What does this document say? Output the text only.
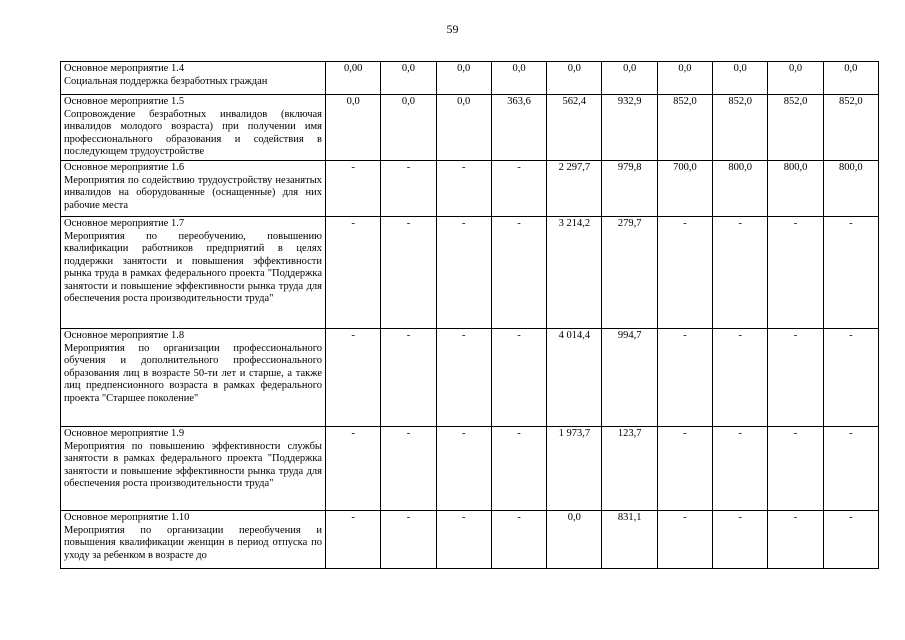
59
Основное мероприятие 1.4
Социальная поддержка безработных граждан	0,00	0,0	0,0	0,0	0,0	0,0	0,0	0,0	0,0	0,0

Основное мероприятие 1.5
Сопровождение безработных инвалидов (включая инвалидов молодого возраста) при получении имя профессионального образования и содействия в последующем трудоустройстве	0,0	0,0	0,0	363,6	562,4	932,9	852,0	852,0	852,0	852,0

Основное мероприятие 1.6
Мероприятия по содействию трудоустройству незанятых инвалидов на оборудованные (оснащенные) для них рабочие места	-	-	-	-	2 297,7	979,8	700,0	800,0	800,0	800,0

Основное мероприятие 1.7
Мероприятия по переобучению, повышению квалификации работников предприятий в целях поддержки занятости и повышения эффективности рынка труда в рамках федерального проекта "Поддержка занятости и повышение эффективности рынка труда для обеспечения роста производительности труда"	-	-	-	-	3 214,2	279,7	-	-	-	-

Основное мероприятие 1.8
Мероприятия по организации профессионального обучения и дополнительного профессионального образования лиц в возрасте 50-ти лет и старше, а также лиц предпенсионного возраста в рамках федерального проекта "Старшее поколение"	-	-	-	-	4 014,4	994,7	-	-	-	-

Основное мероприятие 1.9
Мероприятия по повышению эффективности службы занятости в рамках федерального проекта "Поддержка занятости и повышение эффективности рынка труда для обеспечения роста производительности труда"	-	-	-	-	1 973,7	123,7	-	-	-	-

Основное мероприятие 1.10
Мероприятия по организации переобучения и повышения квалификации женщин в период отпуска по уходу за ребенком в возрасте до	-	-	-	-	0,0	831,1	-	-	-	-
